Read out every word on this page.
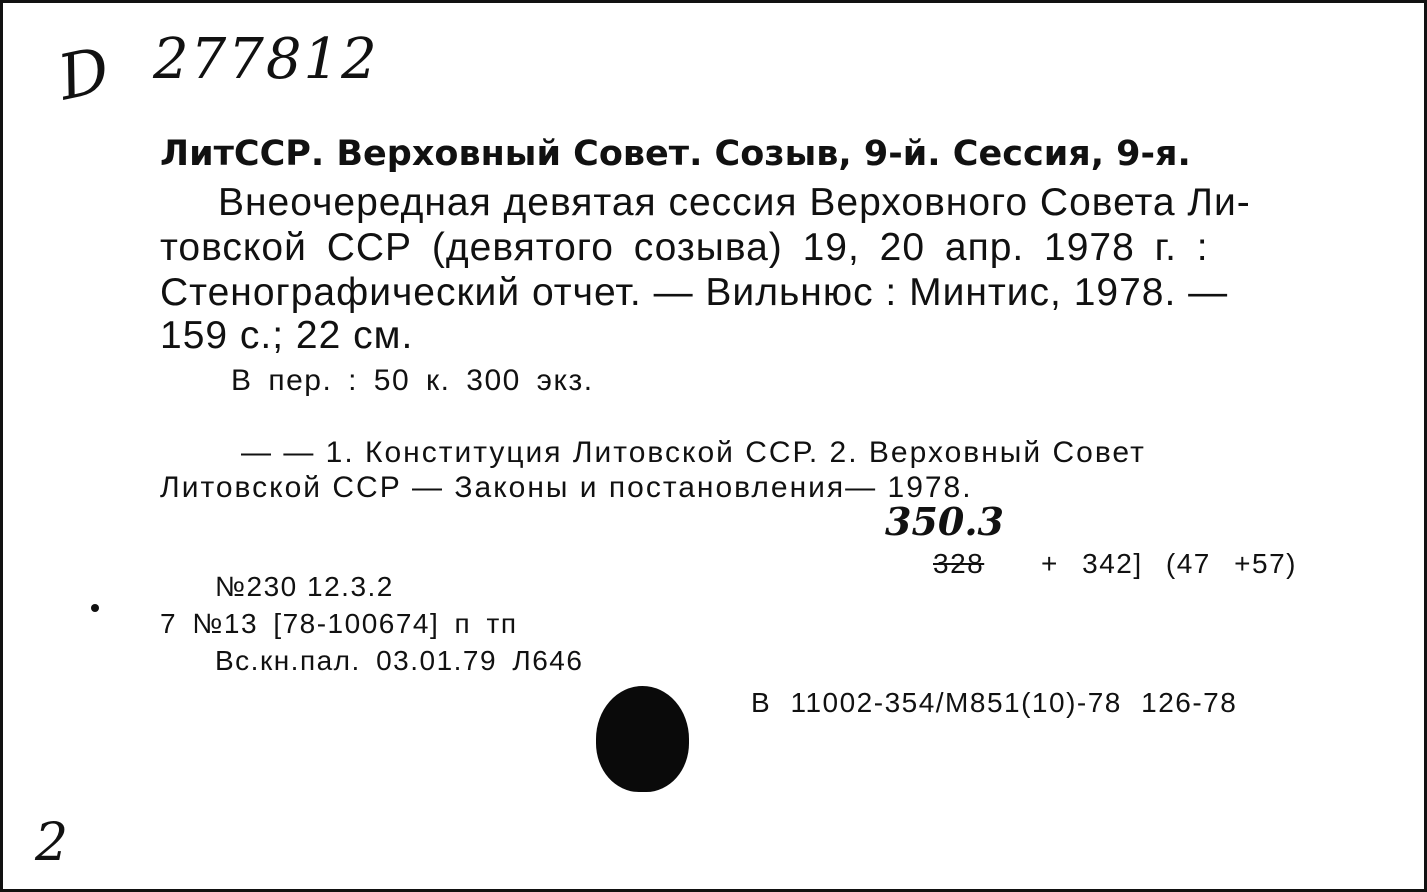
D 277812
ЛитССР. Верховный Совет. Созыв, 9-й. Сессия, 9-я.
Внеочередная девятая сессия Верховного Совета Ли-
товской ССР (девятого созыва) 19, 20 апр. 1978 г. :
Стенографический отчет. — Вильнюс : Минтис, 1978. —
159 с.; 22 см.
В пер. : 50 к. 300 экз.
— — 1. Конституция Литовской ССР. 2. Верховный Совет
Литовской ССР — Законы и постановления— 1978.
350.3
328 + 342] (47 +57)
№230 12.3.2
7 №13 [78-100674] п тп
Вс.кн.пал. 03.01.79 Л646
В 11002-354/M851(10)-78 126-78
2
